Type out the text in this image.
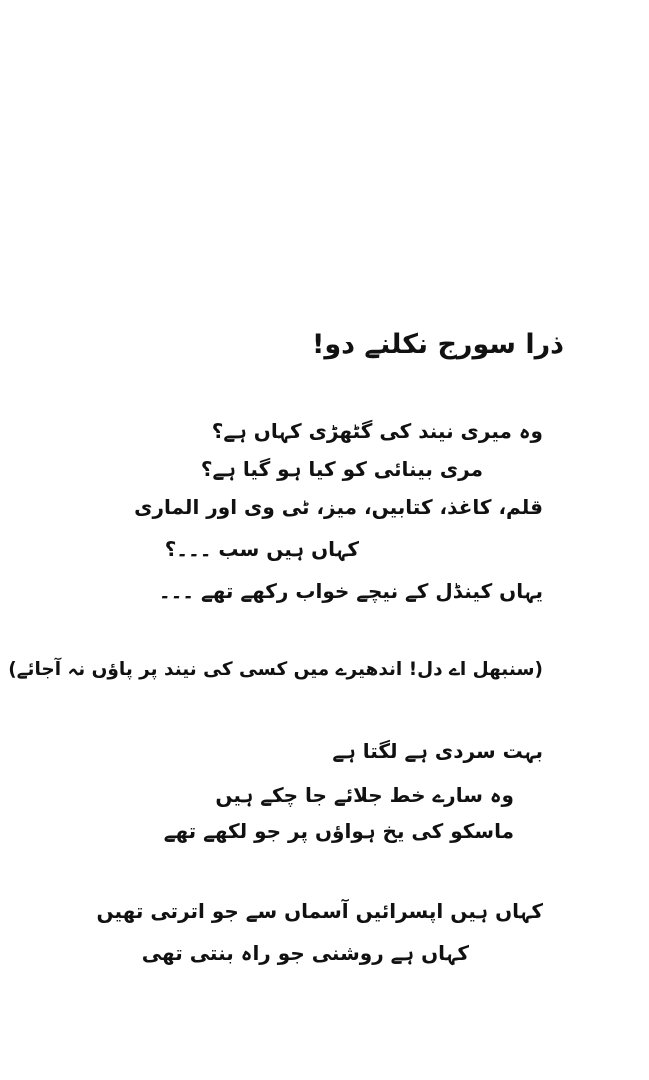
ذرا سورج نکلنے دو!
وہ میری نیند کی گٹھڑی کہاں ہے؟
مری بینائی کو کیا ہو گیا ہے؟
قلم، کاغذ، کتابیں، میز، ٹی وی اور الماری
کہاں ہیں سب ۔۔۔؟
یہاں کینڈل کے نیچے خواب رکھے تھے ۔۔۔
(سنبھل اے دل! اندھیرے میں کسی کی نیند پر پاؤں نہ آجائے)
بہت سردی ہے لگتا ہے
وہ سارے خط جلائے جا چکے ہیں
ماسکو کی یخ ہواؤں پر جو لکھے تھے
کہاں ہیں اپسرائیں آسماں سے جو اترتی تھیں
کہاں ہے روشنی جو راہ بنتی تھی
